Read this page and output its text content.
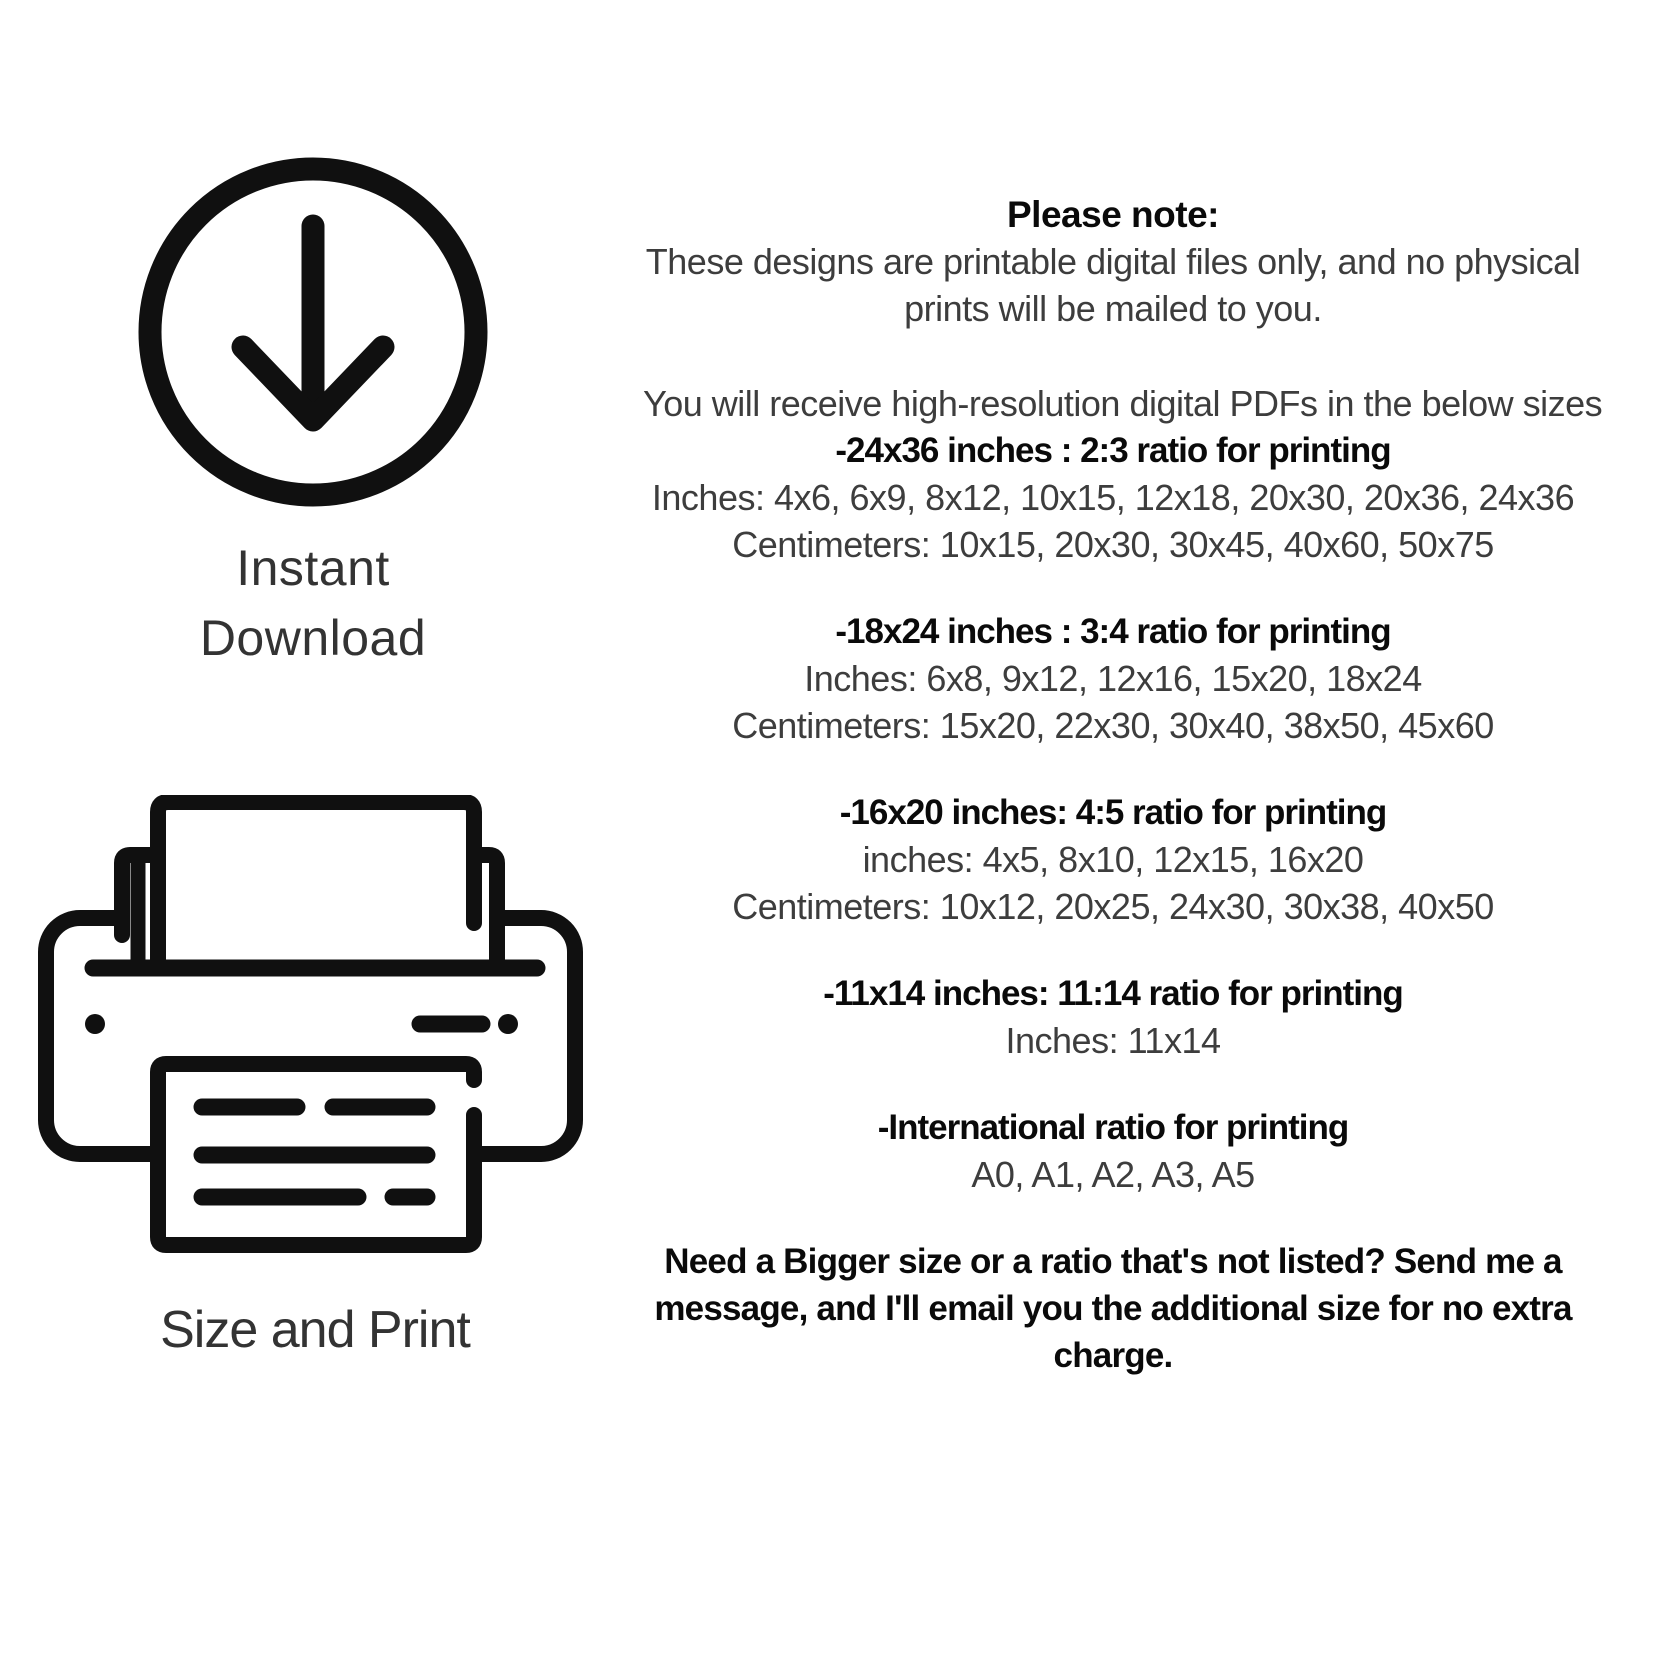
Instant
Download
Size and Print
Please note:
These designs are printable digital files only, and no physical
prints will be mailed to you.
You will receive high-resolution digital PDFs in the below sizes
-24x36 inches : 2:3 ratio for printing
Inches: 4x6, 6x9, 8x12, 10x15, 12x18, 20x30, 20x36, 24x36
Centimeters: 10x15, 20x30, 30x45, 40x60, 50x75
-18x24 inches : 3:4 ratio for printing
Inches: 6x8, 9x12, 12x16, 15x20, 18x24
Centimeters: 15x20, 22x30, 30x40, 38x50, 45x60
-16x20 inches: 4:5 ratio for printing
inches: 4x5, 8x10, 12x15, 16x20
Centimeters: 10x12, 20x25, 24x30, 30x38, 40x50
-11x14 inches: 11:14 ratio for printing
Inches: 11x14
-International ratio for printing
A0, A1, A2, A3, A5
Need a Bigger size or a ratio that's not listed? Send me a
message, and I'll email you the additional size for no extra
charge.
